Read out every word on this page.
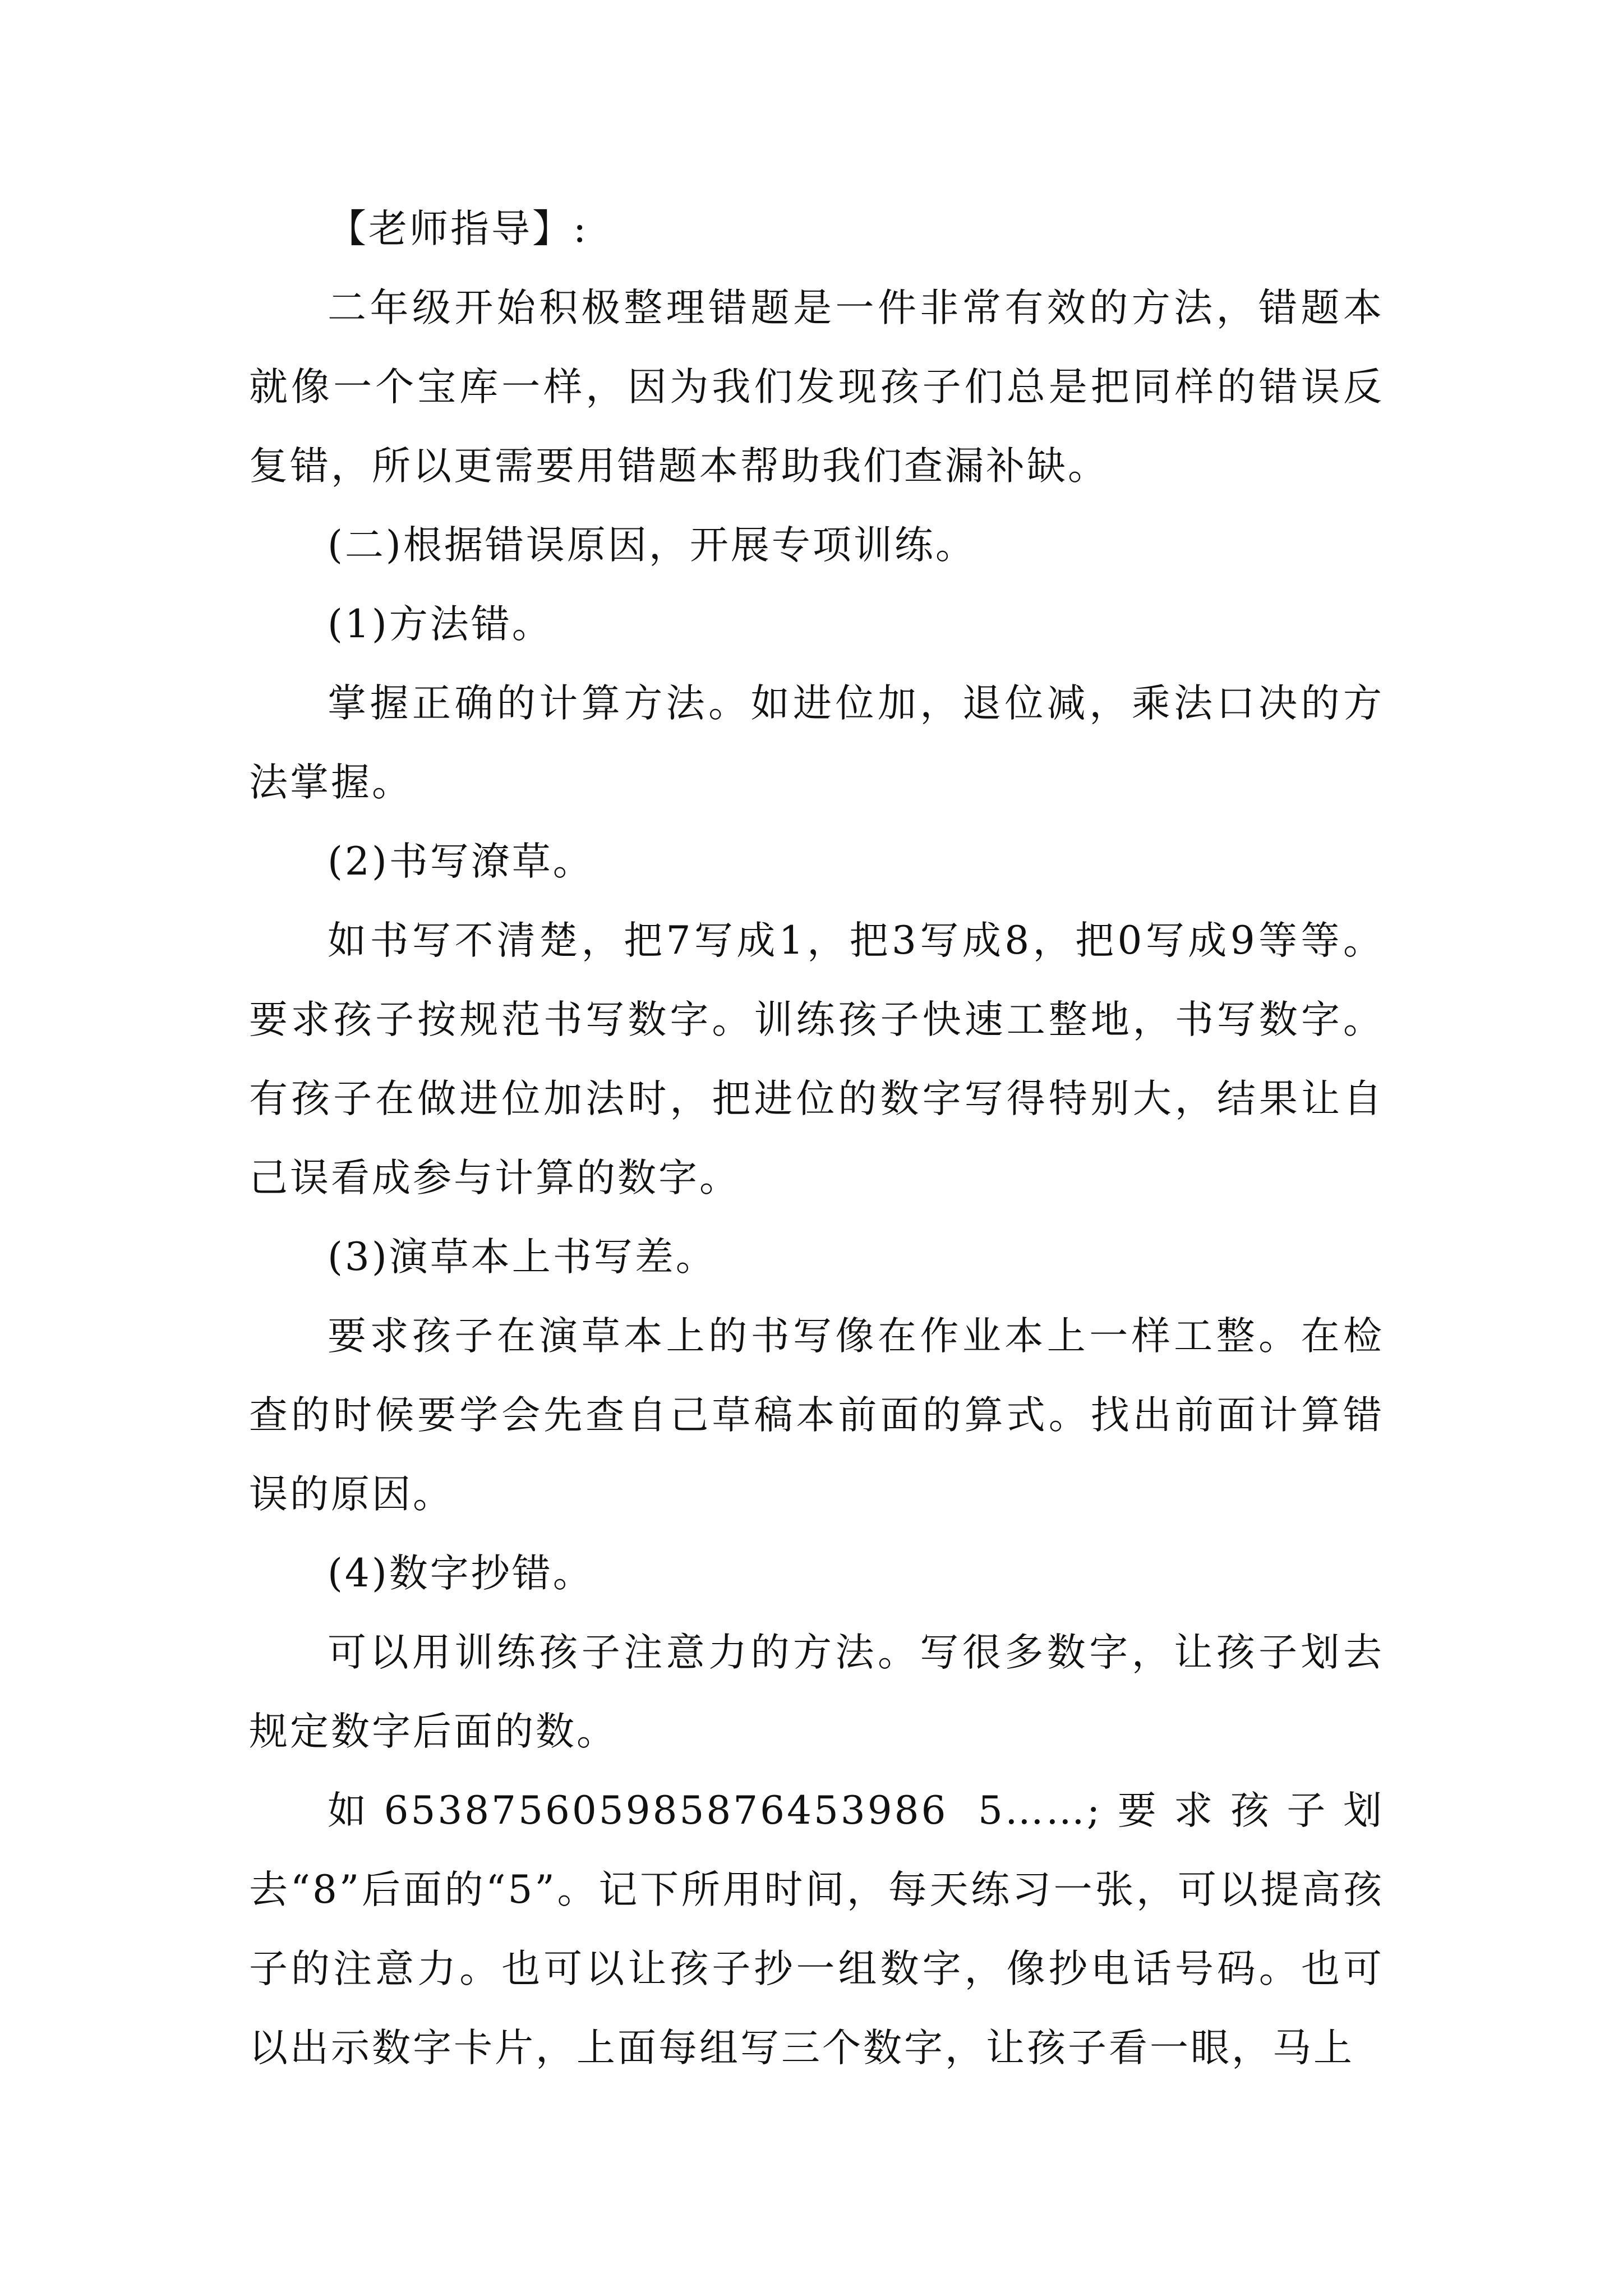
【老师指导】:

二年级开始积极整理错题是一件非常有效的方法，错题本就像一个宝库一样，因为我们发现孩子们总是把同样的错误反复错，所以更需要用错题本帮助我们查漏补缺。

(二)根据错误原因，开展专项训练。

(1)方法错。

掌握正确的计算方法。如进位加，退位减，乘法口决的方法掌握。

(2)书写潦草。

如书写不清楚，把7写成1，把3写成8，把0写成9等等。要求孩子按规范书写数字。训练孩子快速工整地，书写数字。有孩子在做进位加法时，把进位的数字写得特别大，结果让自己误看成参与计算的数字。

(3)演草本上书写差。

要求孩子在演草本上的书写像在作业本上一样工整。在检查的时候要学会先查自己草稿本前面的算式。找出前面计算错误的原因。

(4)数字抄错。

可以用训练孩子注意力的方法。写很多数字，让孩子划去规定数字后面的数。

如653875605985876453986 5……;要求孩子划去“8”后面的“5”。记下所用时间，每天练习一张，可以提高孩子的注意力。也可以让孩子抄一组数字，像抄电话号码。也可以出示数字卡片，上面每组写三个数字，让孩子看一眼，马上
